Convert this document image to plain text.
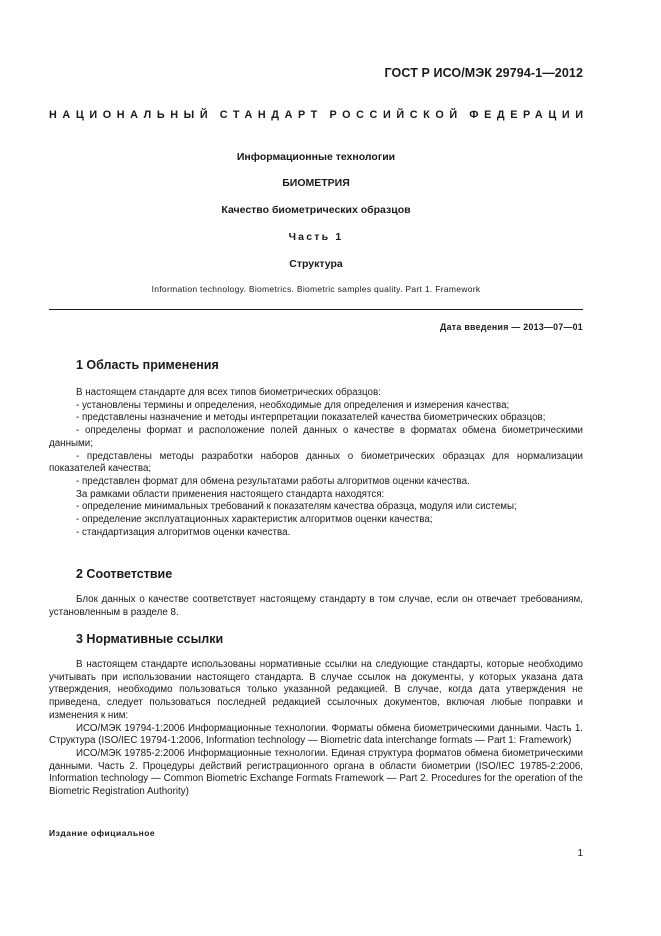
ГОСТ Р ИСО/МЭК 29794-1—2012
НАЦИОНАЛЬНЫЙ СТАНДАРТ РОССИЙСКОЙ ФЕДЕРАЦИИ
Информационные технологии
БИОМЕТРИЯ
Качество биометрических образцов
Часть 1
Структура
Information technology. Biometrics. Biometric samples quality. Part 1. Framework
Дата введения — 2013—07—01
1 Область применения

В настоящем стандарте для всех типов биометрических образцов:

- установлены термины и определения, необходимые для определения и измерения качества;

- представлены назначение и методы интерпретации показателей качества биометрических образцов;

- определены формат и расположение полей данных о качестве в форматах обмена биометрическими данными;

- представлены методы разработки наборов данных о биометрических образцах для нормализации показателей качества;

- представлен формат для обмена результатами работы алгоритмов оценки качества.

За рамками области применения настоящего стандарта находятся:

- определение минимальных требований к показателям качества образца, модуля или системы;

- определение эксплуатационных характеристик алгоритмов оценки качества;

- стандартизация алгоритмов оценки качества.

2 Соответствие

Блок данных о качестве соответствует настоящему стандарту в том случае, если он отвечает требованиям, установленным в разделе 8.

3 Нормативные ссылки

В настоящем стандарте использованы нормативные ссылки на следующие стандарты, которые необходимо учитывать при использовании настоящего стандарта. В случае ссылок на документы, у которых указана дата утверждения, необходимо пользоваться только указанной редакцией. В случае, когда дата утверждения не приведена, следует пользоваться последней редакцией ссылочных документов, включая любые поправки и изменения к ним:

ИСО/МЭК 19794-1:2006 Информационные технологии. Форматы обмена биометрическими данными. Часть 1. Структура (ISO/IEC 19794-1:2006, Information technology — Biometric data interchange formats — Part 1: Framework)

ИСО/МЭК 19785-2:2006 Информационные технологии. Единая структура форматов обмена биометрическими данными. Часть 2. Процедуры действий регистрационного органа в области биометрии (ISO/IEC 19785-2:2006, Information technology — Common Biometric Exchange Formats Framework — Part 2. Procedures for the operation of the Biometric Registration Authority)

Издание официальное
1
